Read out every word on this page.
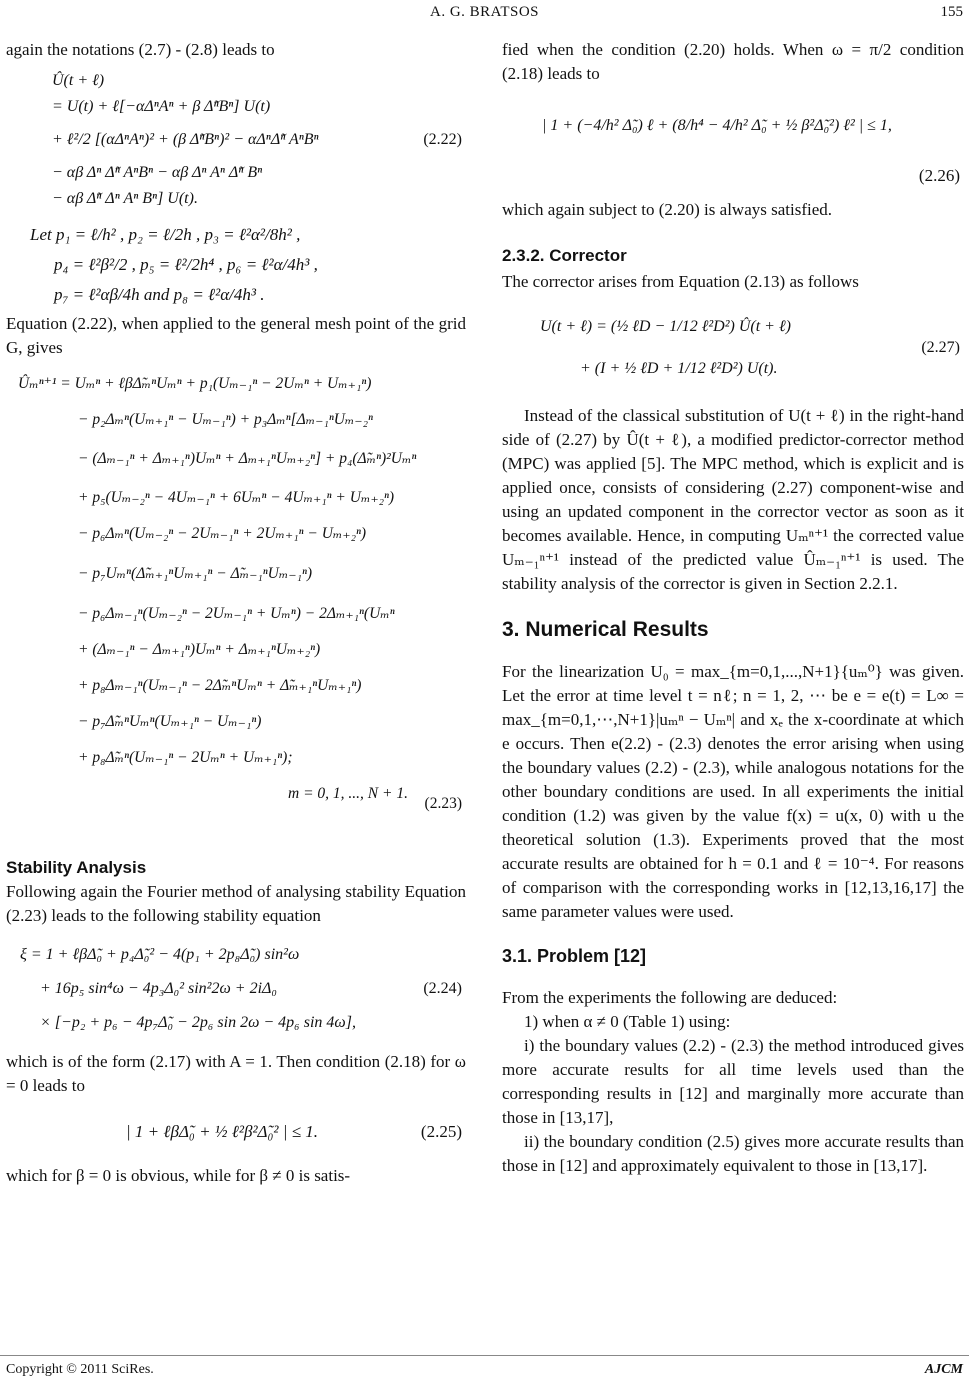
A. G. BRATSOS	155

again the notations (2.7) - (2.8) leads to

Û(t + ℓ)
= U(t) + ℓ[−αΔⁿAⁿ + β Δ̃ⁿBⁿ] U(t)
+ ℓ²/2 [(αΔⁿAⁿ)² + (β Δ̃ⁿBⁿ)² − αΔⁿΔ̃ⁿ AⁿBⁿ
− αβ Δⁿ Δ̃ⁿ AⁿBⁿ − αβ Δⁿ Aⁿ Δ̃ⁿ Bⁿ
− αβ Δ̃ⁿ Δⁿ Aⁿ Bⁿ] U(t).
(2.22)
Let p₁ = ℓ/h² , p₂ = ℓ/2h , p₃ = ℓ²α²/8h² ,
p₄ = ℓ²β²/2 , p₅ = ℓ²/2h⁴ , p₆ = ℓ²α/4h³ ,
p₇ = ℓ²αβ/4h and p₈ = ℓ²α/4h³ .

Equation (2.22), when applied to the general mesh point of the grid G, gives

Ûₘⁿ⁺¹ = Uₘⁿ + ℓβΔ̃ₘⁿUₘⁿ + p₁(Uₘ₋₁ⁿ − 2Uₘⁿ + Uₘ₊₁ⁿ)
− p₂Δₘⁿ(Uₘ₊₁ⁿ − Uₘ₋₁ⁿ) + p₃Δₘⁿ[Δₘ₋₁ⁿUₘ₋₂ⁿ
− (Δₘ₋₁ⁿ + Δₘ₊₁ⁿ)Uₘⁿ + Δₘ₊₁ⁿUₘ₊₂ⁿ] + p₄(Δ̃ₘⁿ)²Uₘⁿ
+ p₅(Uₘ₋₂ⁿ − 4Uₘ₋₁ⁿ + 6Uₘⁿ − 4Uₘ₊₁ⁿ + Uₘ₊₂ⁿ)
− p₆Δₘⁿ(Uₘ₋₂ⁿ − 2Uₘ₋₁ⁿ + 2Uₘ₊₁ⁿ − Uₘ₊₂ⁿ)
− p₇Uₘⁿ(Δ̃ₘ₊₁ⁿUₘ₊₁ⁿ − Δ̃ₘ₋₁ⁿUₘ₋₁ⁿ)
− p₆Δₘ₋₁ⁿ(Uₘ₋₂ⁿ − 2Uₘ₋₁ⁿ + Uₘⁿ) − 2Δₘ₊₁ⁿ(Uₘⁿ
+ (Δₘ₋₁ⁿ − Δₘ₊₁ⁿ)Uₘⁿ + Δₘ₊₁ⁿUₘ₊₂ⁿ)
+ p₈Δₘ₋₁ⁿ(Uₘ₋₁ⁿ − 2Δ̃ₘⁿUₘⁿ + Δ̃ₘ₊₁ⁿUₘ₊₁ⁿ)
− p₇Δ̃ₘⁿUₘⁿ(Uₘ₊₁ⁿ − Uₘ₋₁ⁿ)
+ p₈Δ̃ₘⁿ(Uₘ₋₁ⁿ − 2Uₘⁿ + Uₘ₊₁ⁿ);
m = 0, 1, ..., N + 1.
(2.23)
Stability Analysis

Following again the Fourier method of analysing stability Equation (2.23) leads to the following stability equation

ξ = 1 + ℓβΔ̃₀ + p₄Δ̃₀² − 4(p₁ + 2p₈Δ̃₀) sin²ω
+ 16p₅ sin⁴ω − 4p₃Δ₀² sin²2ω + 2iΔ₀
× [−p₂ + p₆ − 4p₇Δ̃₀ − 2p₆ sin 2ω − 4p₆ sin 4ω],
(2.24)

which is of the form (2.17) with A = 1. Then condition (2.18) for ω = 0 leads to

| 1 + ℓβΔ̃₀ + ½ ℓ²β²Δ̃₀² | ≤ 1.	(2.25)

which for β = 0 is obvious, while for β ≠ 0 is satis-

fied when the condition (2.20) holds. When ω = π/2 condition (2.18) leads to

| 1 + (−4/h² Δ̃₀) ℓ + (8/h⁴ − 4/h² Δ̃₀ + ½ β²Δ̃₀²) ℓ² | ≤ 1,
(2.26)

which again subject to (2.20) is always satisfied.

2.3.2. Corrector

The corrector arises from Equation (2.13) as follows

U(t + ℓ) = (½ ℓD − 1/12 ℓ²D²) Û(t + ℓ)
+ (I + ½ ℓD + 1/12 ℓ²D²) U(t).
(2.27)

Instead of the classical substitution of U(t + ℓ) in the right-hand side of (2.27) by Û(t + ℓ), a modified predictor-corrector method (MPC) was applied [5]. The MPC method, which is explicit and is applied once, consists of considering (2.27) component-wise and using an updated component in the corrector vector as soon as it becomes available. Hence, in computing Uₘⁿ⁺¹ the corrected value Uₘ₋₁ⁿ⁺¹ instead of the predicted value Ûₘ₋₁ⁿ⁺¹ is used. The stability analysis of the corrector is given in Section 2.2.1.

3. Numerical Results

For the linearization U₀ = max_{m=0,1,...,N+1}{uₘ⁰} was given. Let the error at time level t = nℓ; n = 1, 2, ⋯ be e = e(t) = L∞ = max_{m=0,1,⋯,N+1}|uₘⁿ − Uₘⁿ| and xₑ the x-coordinate at which e occurs. Then e(2.2) - (2.3) denotes the error arising when using the boundary values (2.2) - (2.3), while analogous notations for the other boundary conditions are used. In all experiments the initial condition (1.2) was given by the value f(x) = u(x, 0) with u the theoretical solution (1.3). Experiments proved that the most accurate results are obtained for h = 0.1 and ℓ = 10⁻⁴. For reasons of comparison with the corresponding works in [12,13,16,17] the same parameter values were used.

3.1. Problem [12]

From the experiments the following are deduced:

1) when α ≠ 0 (Table 1) using:

i) the boundary values (2.2) - (2.3) the method introduced gives more accurate results for all time levels used than the corresponding results in [12] and marginally more accurate than those in [13,17],

ii) the boundary condition (2.5) gives more accurate results than those in [12] and approximately equivalent to those in [13,17].

Copyright © 2011 SciRes.	AJCM
